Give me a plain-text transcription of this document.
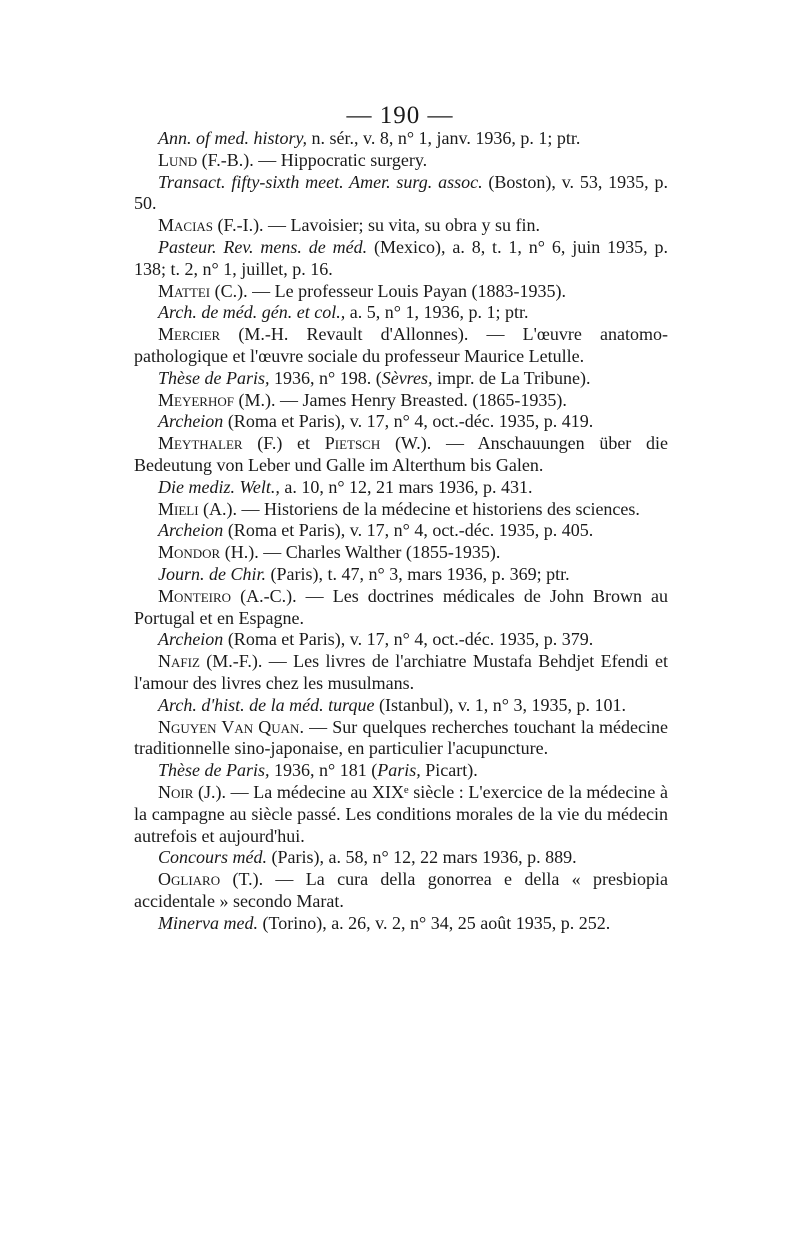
— 190 —

Ann. of med. history, n. sér., v. 8, n° 1, janv. 1936, p. 1; ptr.

Lund (F.-B.). — Hippocratic surgery.

Transact. fifty-sixth meet. Amer. surg. assoc. (Boston), v. 53, 1935, p. 50.

Macias (F.-I.). — Lavoisier; su vita, su obra y su fin.

Pasteur. Rev. mens. de méd. (Mexico), a. 8, t. 1, n° 6, juin 1935, p. 138; t. 2, n° 1, juillet, p. 16.

Mattei (C.). — Le professeur Louis Payan (1883-1935).

Arch. de méd. gén. et col., a. 5, n° 1, 1936, p. 1; ptr.

Mercier (M.-H. Revault d'Allonnes). — L'œuvre anatomo-pathologique et l'œuvre sociale du professeur Maurice Letulle.

Thèse de Paris, 1936, n° 198. (Sèvres, impr. de La Tribune).

Meyerhof (M.). — James Henry Breasted. (1865-1935).

Archeion (Roma et Paris), v. 17, n° 4, oct.-déc. 1935, p. 419.

Meythaler (F.) et Pietsch (W.). — Anschauungen über die Bedeutung von Leber und Galle im Alterthum bis Galen.

Die mediz. Welt., a. 10, n° 12, 21 mars 1936, p. 431.

Mieli (A.). — Historiens de la médecine et historiens des sciences.

Archeion (Roma et Paris), v. 17, n° 4, oct.-déc. 1935, p. 405.

Mondor (H.). — Charles Walther (1855-1935).

Journ. de Chir. (Paris), t. 47, n° 3, mars 1936, p. 369; ptr.

Monteiro (A.-C.). — Les doctrines médicales de John Brown au Portugal et en Espagne.

Archeion (Roma et Paris), v. 17, n° 4, oct.-déc. 1935, p. 379.

Nafiz (M.-F.). — Les livres de l'archiatre Mustafa Behdjet Efendi et l'amour des livres chez les musulmans.

Arch. d'hist. de la méd. turque (Istanbul), v. 1, n° 3, 1935, p. 101.

Nguyen Van Quan. — Sur quelques recherches touchant la médecine traditionnelle sino-japonaise, en particulier l'acupuncture.

Thèse de Paris, 1936, n° 181 (Paris, Picart).

Noir (J.). — La médecine au XIXᵉ siècle : L'exercice de la médecine à la campagne au siècle passé. Les conditions morales de la vie du médecin autrefois et aujourd'hui.

Concours méd. (Paris), a. 58, n° 12, 22 mars 1936, p. 889.

Ogliaro (T.). — La cura della gonorrea e della « presbiopia accidentale » secondo Marat.

Minerva med. (Torino), a. 26, v. 2, n° 34, 25 août 1935, p. 252.
